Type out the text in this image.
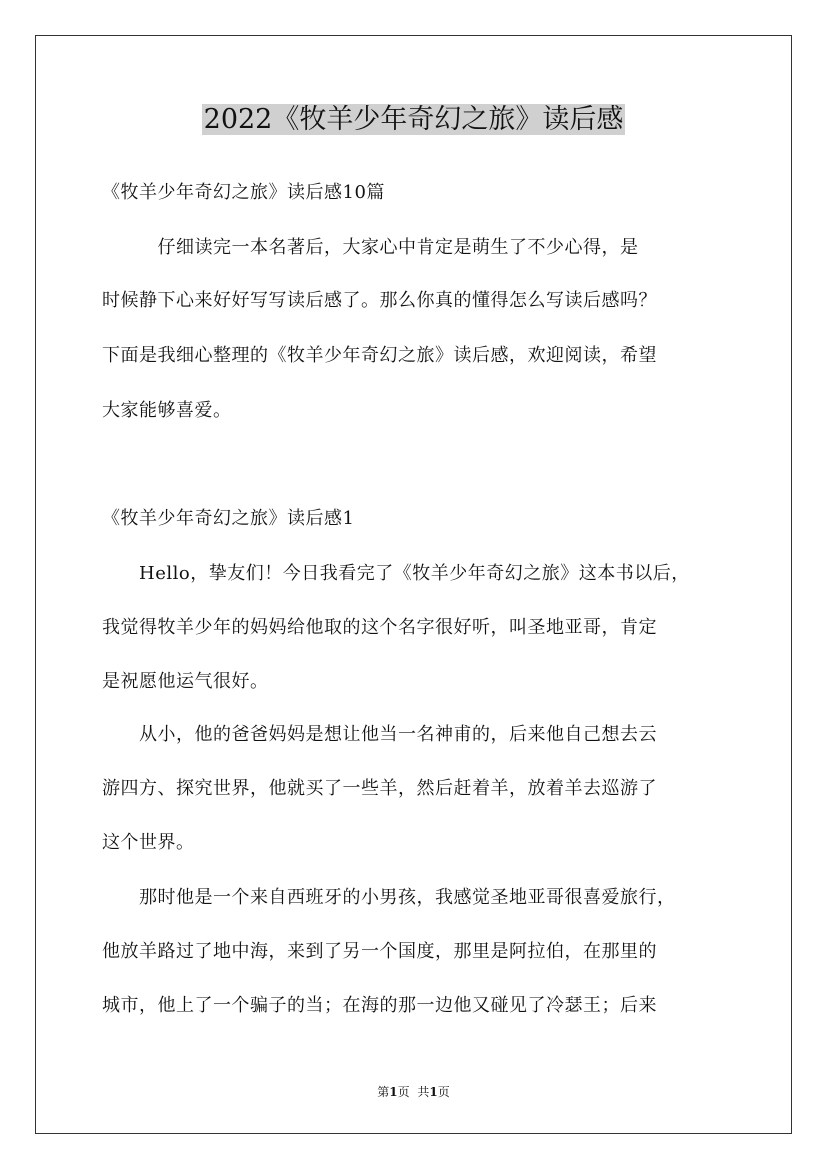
2022《牧羊少年奇幻之旅》读后感
《牧羊少年奇幻之旅》读后感10篇
　　　仔细读完一本名著后，大家心中肯定是萌生了不少心得，是
时候静下心来好好写写读后感了。那么你真的懂得怎么写读后感吗？
下面是我细心整理的《牧羊少年奇幻之旅》读后感，欢迎阅读，希望
大家能够喜爱。
《牧羊少年奇幻之旅》读后感1
　　Hello，挚友们！今日我看完了《牧羊少年奇幻之旅》这本书以后，
我觉得牧羊少年的妈妈给他取的这个名字很好听，叫圣地亚哥，肯定
是祝愿他运气很好。
　　从小，他的爸爸妈妈是想让他当一名神甫的，后来他自己想去云
游四方、探究世界，他就买了一些羊，然后赶着羊，放着羊去巡游了
这个世界。
　　那时他是一个来自西班牙的小男孩，我感觉圣地亚哥很喜爱旅行，
他放羊路过了地中海，来到了另一个国度，那里是阿拉伯，在那里的
城市，他上了一个骗子的当；在海的那一边他又碰见了冷瑟王；后来
第1页 共1页
